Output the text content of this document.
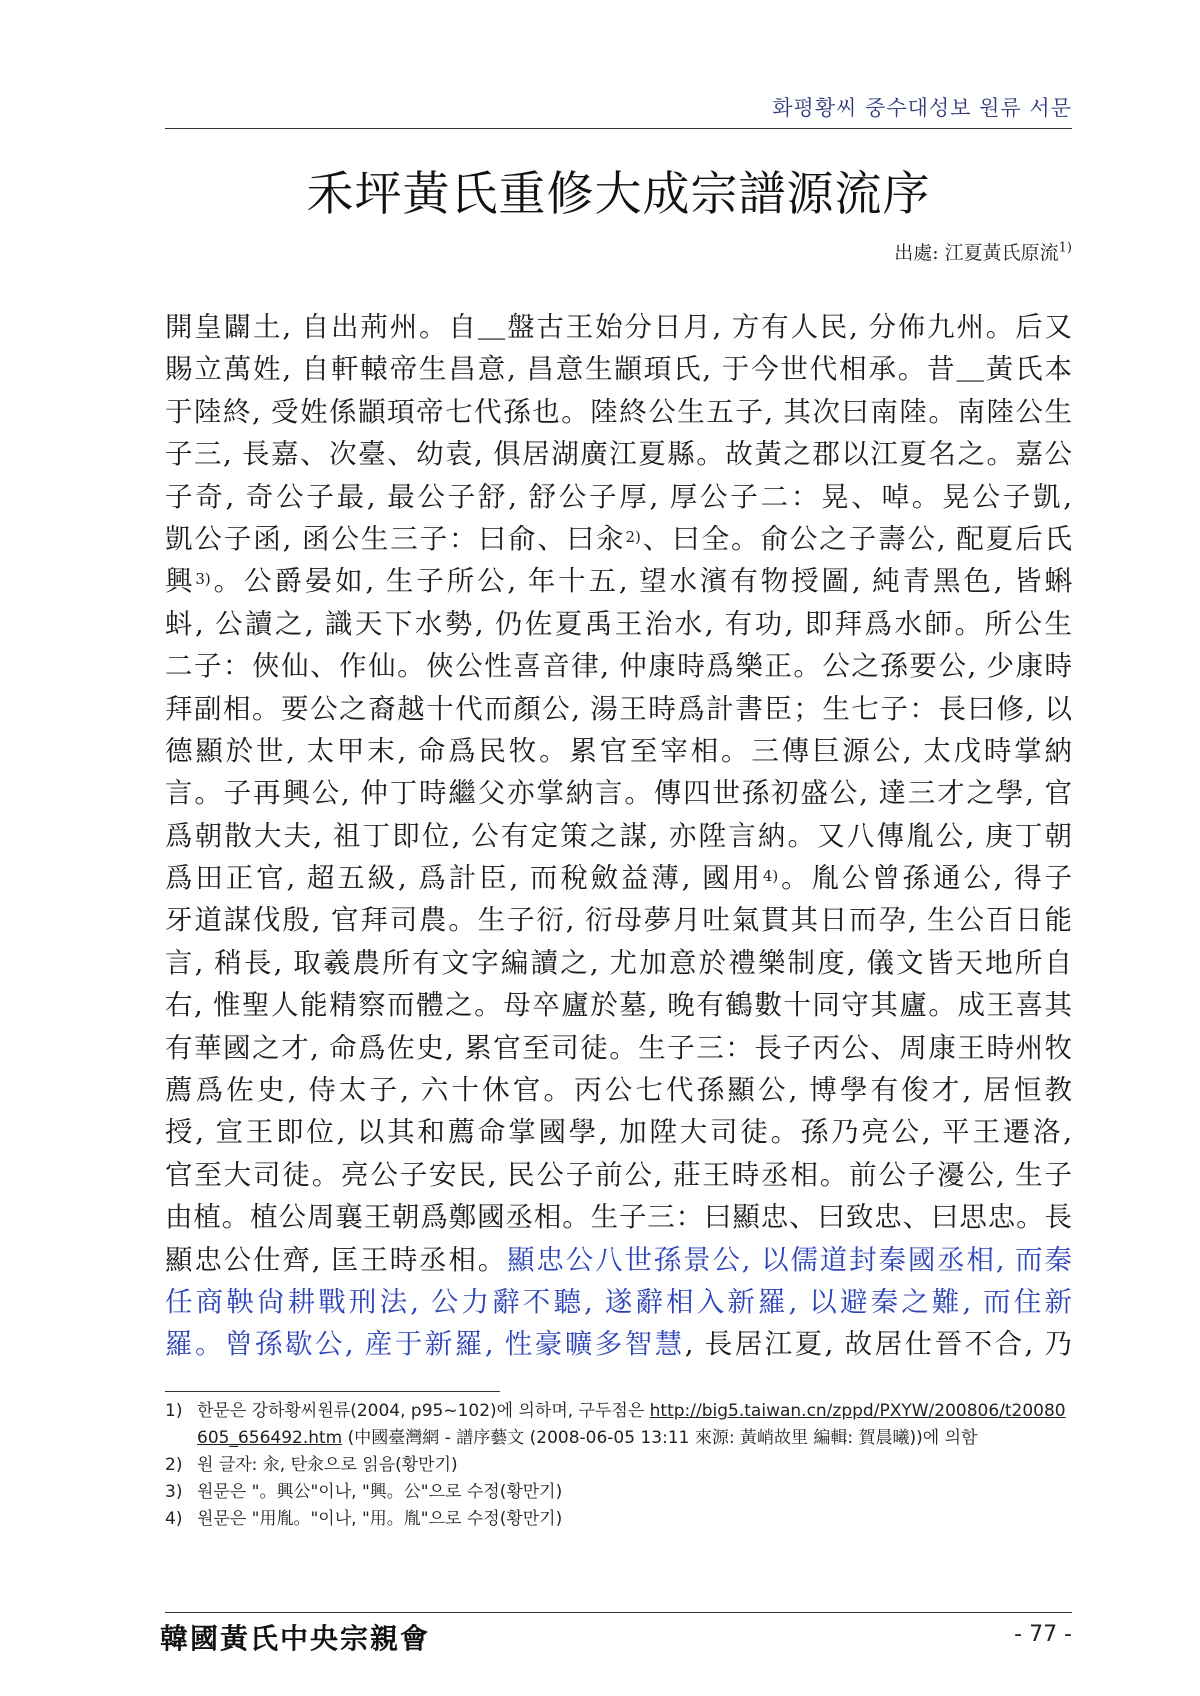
화평황씨 중수대성보 원류 서문
禾坪黃氏重修大成宗譜源流序
出處: 江夏黃氏原流$^{1)}$
開皇闢土, 自出荊州。自＿盤古王始分日月, 方有人民, 分佈九州。后又
賜立萬姓, 自軒轅帝生昌意, 昌意生顓頊氏, 于今世代相承。昔＿黃氏本
于陸終, 受姓係顓頊帝七代孫也。陸終公生五子, 其次曰南陸。南陸公生
子三, 長嘉、次臺、幼袁, 俱居湖廣江夏縣。故黃之郡以江夏名之。嘉公
子奇, 奇公子最, 最公子舒, 舒公子厚, 厚公子二：晃、啅。晃公子凱,
凱公子函, 函公生三子：曰俞、曰汆$^{2)}$、曰全。俞公之子壽公, 配夏后氏
興$^{3)}$。公爵晏如, 生子所公, 年十五, 望水濱有物授圖, 純青黑色, 皆蝌
蚪, 公讀之, 識天下水勢, 仍佐夏禹王治水, 有功, 即拜爲水師。所公生
二子：俠仙、作仙。俠公性喜音律, 仲康時爲樂正。公之孫要公, 少康時
拜副相。要公之裔越十代而顏公, 湯王時爲計書臣；生七子：長曰修, 以
德顯於世, 太甲末, 命爲民牧。累官至宰相。三傳巨源公, 太戊時掌納
言。子再興公, 仲丁時繼父亦掌納言。傳四世孫初盛公, 達三才之學, 官
爲朝散大夫, 祖丁即位, 公有定策之謀, 亦陞言納。又八傳胤公, 庚丁朝
爲田正官, 超五級, 爲計臣, 而稅斂益薄, 國用$^{4)}$。胤公曾孫通公, 得子
牙道謀伐殷, 官拜司農。生子衍, 衍母夢月吐氣貫其日而孕, 生公百日能
言, 稍長, 取羲農所有文字編讀之, 尤加意於禮樂制度, 儀文皆天地所自
右, 惟聖人能精察而體之。母卒廬於墓, 晚有鶴數十同守其廬。成王喜其
有華國之才, 命爲佐史, 累官至司徒。生子三：長子丙公、周康王時州牧
薦爲佐史, 侍太子, 六十休官。丙公七代孫顯公, 博學有俊才, 居恒教
授, 宣王即位, 以其和薦命掌國學, 加陞大司徒。孫乃亮公, 平王遷洛,
官至大司徒。亮公子安民, 民公子前公, 莊王時丞相。前公子瀀公, 生子
由植。植公周襄王朝爲鄭國丞相。生子三：曰顯忠、曰致忠、曰思忠。長
顯忠公仕齊, 匡王時丞相。顯忠公八世孫景公, 以儒道封秦國丞相, 而秦
任商鞅尙耕戰刑法, 公力辭不聽, 遂辭相入新羅, 以避秦之難, 而住新
羅。曾孫歇公, 産于新羅, 性豪曠多智慧, 長居江夏, 故居仕晉不合, 乃
1) 한문은 강하황씨원류(2004, p95~102)에 의하며, 구두점은 http://big5.taiwan.cn/zppd/PXYW/200806/t20080605_656492.htm (中國臺灣網 - 譜序藝文 (2008-06-05 13:11 來源: 黃峭故里 編輯: 賀晨曦))에 의함
2) 원 글자: 汆, 탄汆으로 읽음(황만기)
3) 원문은 "。興公"이나, "興。公"으로 수정(황만기)
4) 원문은 "用胤。"이나, "用。胤"으로 수정(황만기)
韓國黃氏中央宗親會	- 77 -
